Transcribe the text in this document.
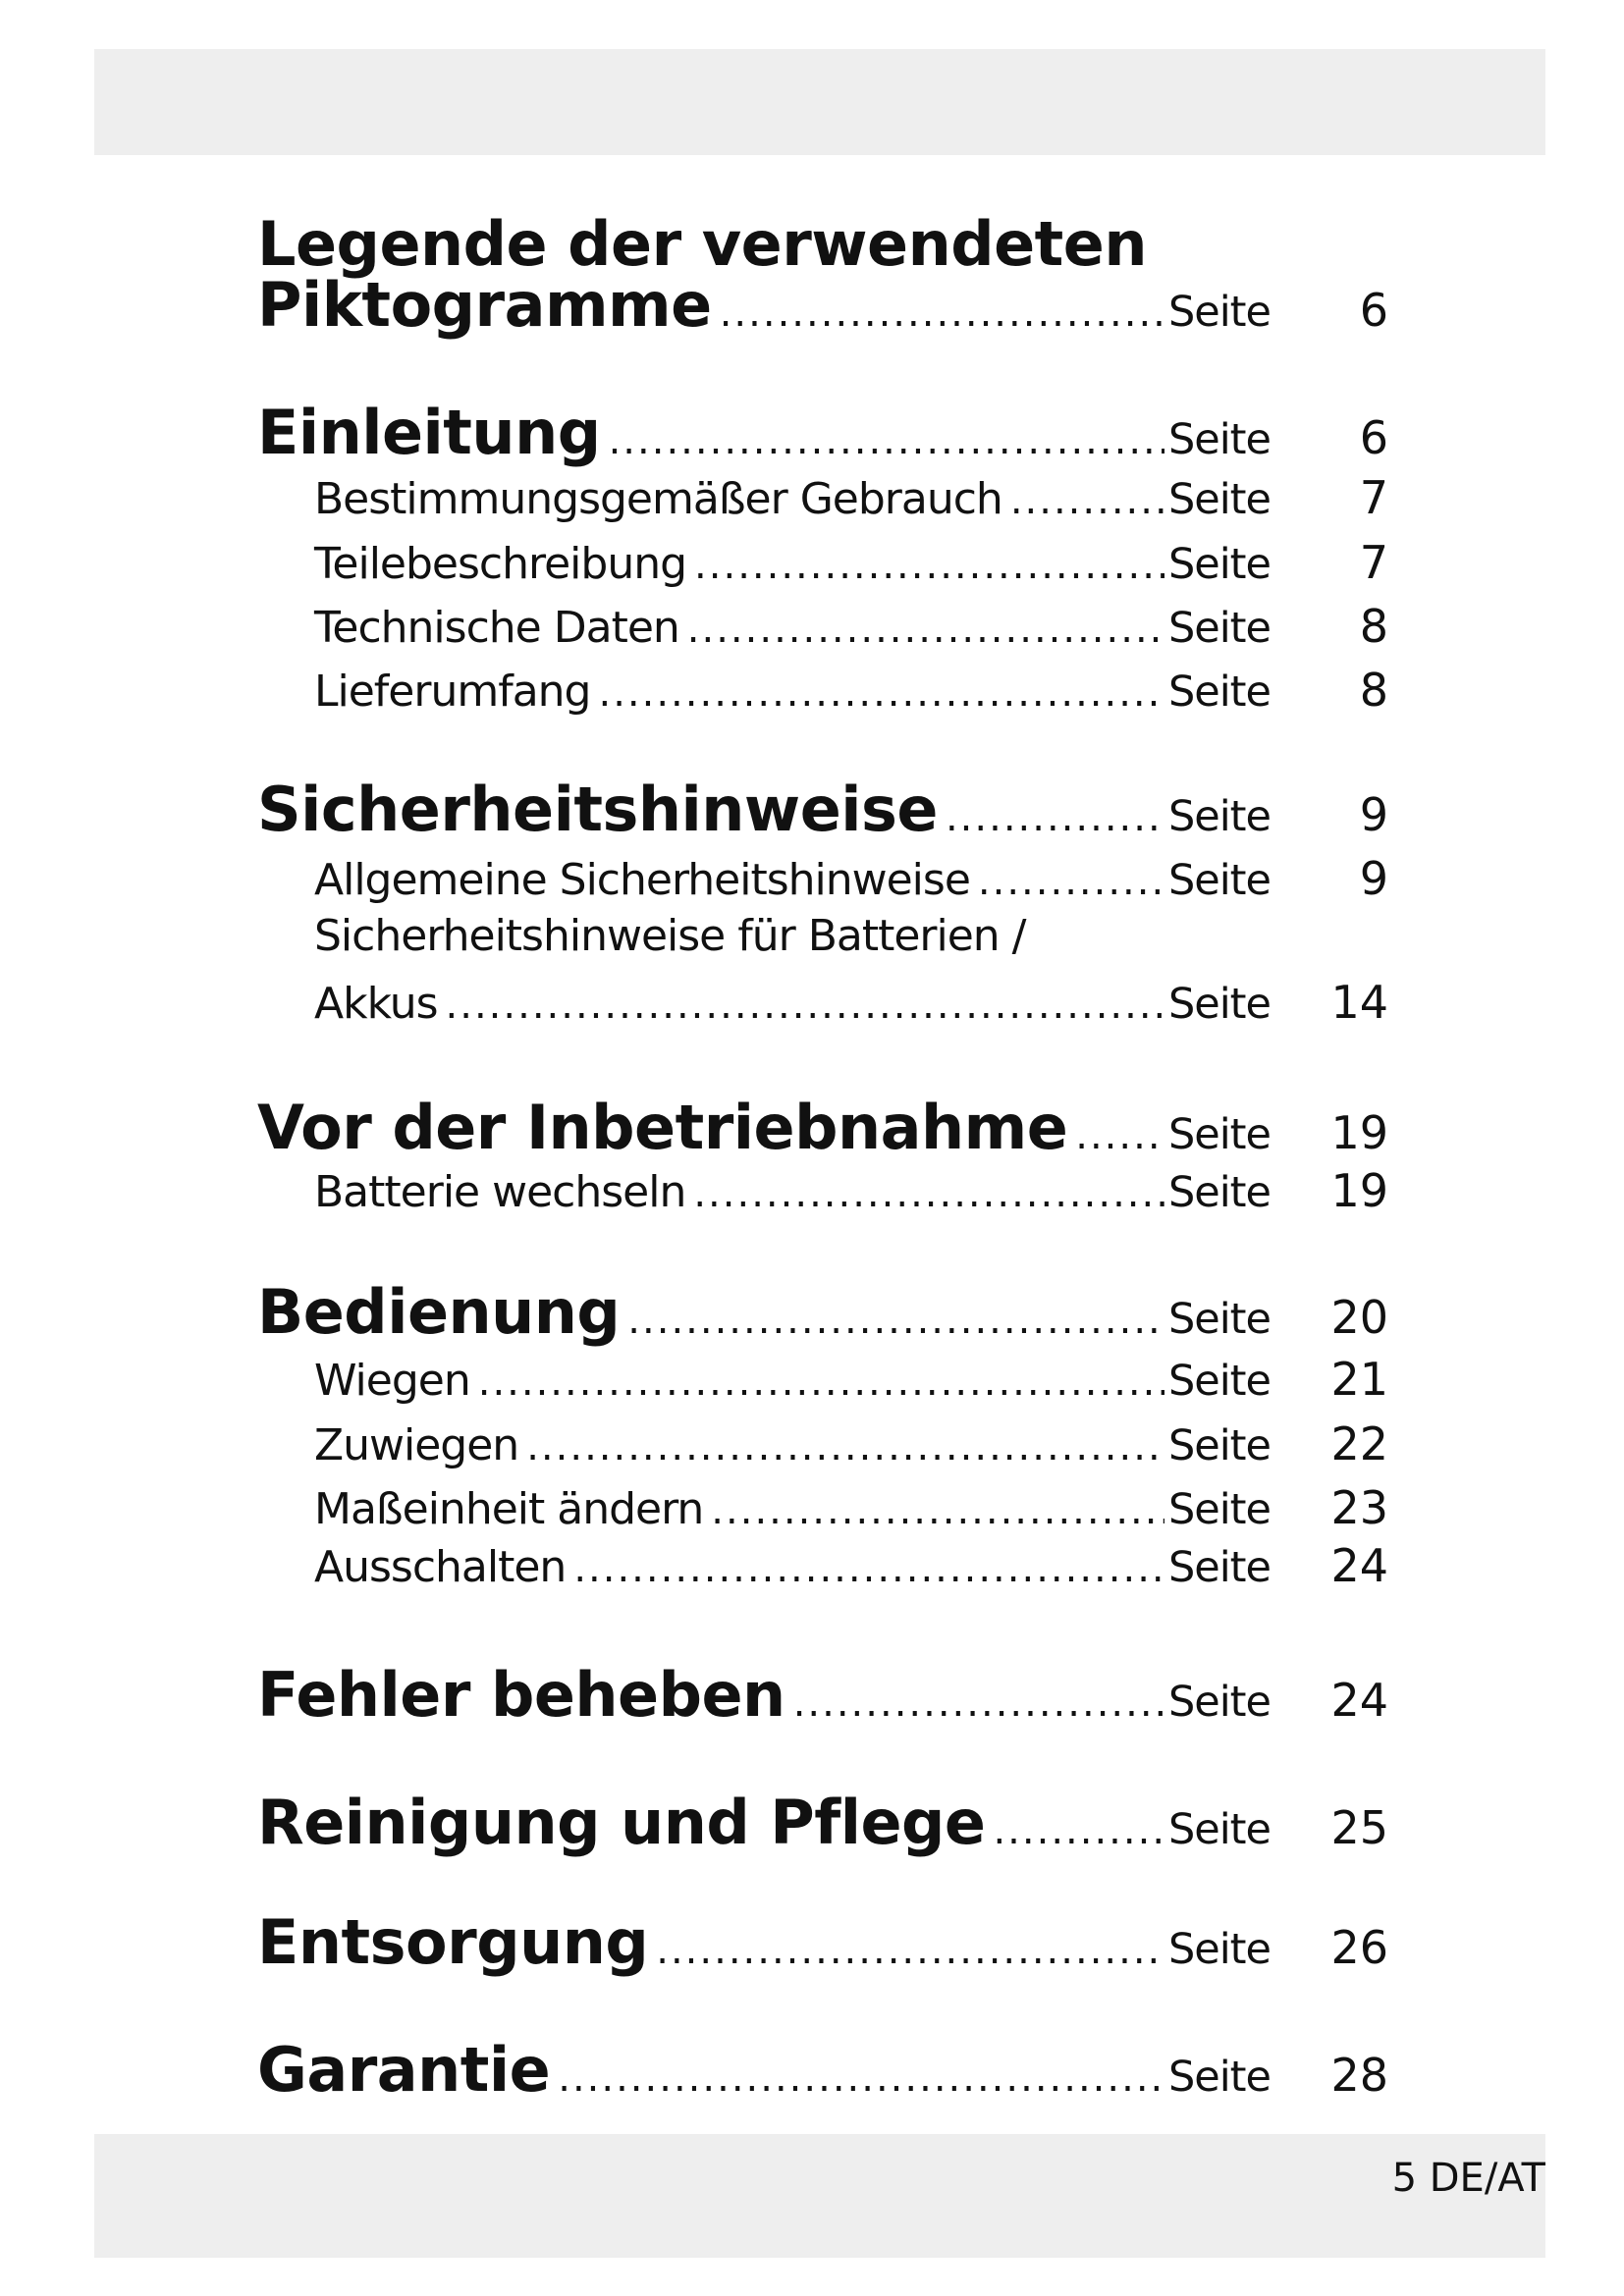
Legende der verwendeten
Piktogramme .....	Seite	6
Einleitung .....	Seite	6
Bestimmungsgemäßer Gebrauch .....	Seite	7
Teilebeschreibung .....	Seite	7
Technische Daten .....	Seite	8
Lieferumfang .....	Seite	8
Sicherheitshinweise .....	Seite	9
Allgemeine Sicherheitshinweise .....	Seite	9
Sicherheitshinweise für Batterien /
Akkus .....	Seite	14
Vor der Inbetriebnahme ..... Seite	19
Batterie wechseln .....	Seite	19
Bedienung .....	Seite	20
Wiegen .....	Seite	21
Zuwiegen .....	Seite	22
Maßeinheit ändern .....	Seite	23
Ausschalten .....	Seite	24
Fehler beheben .....	Seite	24
Reinigung und Pflege .....	Seite	25
Entsorgung .....	Seite	26
Garantie .....	Seite	28
5 DE/AT
